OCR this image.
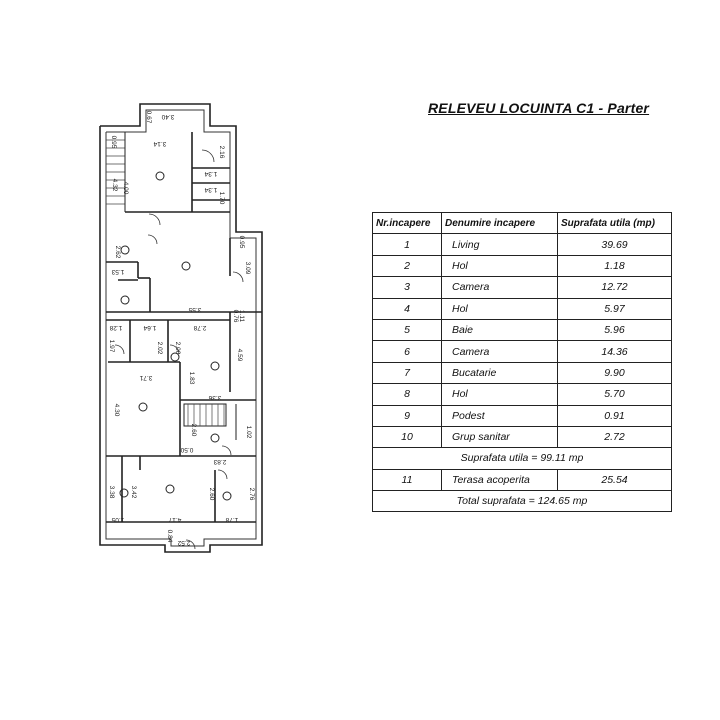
RELEVEU LOCUINTA C1 - Parter
3.40
0.67
0.95	3.14
2.16
1.34
1.34
1.70
4.32 4.00
2.62
0.95
3.09
1.53
3.55
1.28	1.64	2.78
0.76 1.11
1.97	2.02 2.00
4.59
1.83
3.71
4.30
3.36
2.60	1.02
0.50
2.83
3.38 3.42	2.60	2.76
1.05	4.17	1.78
0.84
2.52
Nr.incapere	Denumire incapere	Suprafata utila (mp)
1	Living	39.69
2	Hol	1.18
3	Camera	12.72
4	Hol	5.97
5	Baie	5.96
6	Camera	14.36
7	Bucatarie	9.90
8	Hol	5.70
9	Podest	0.91
10	Grup sanitar	2.72
Suprafata utila = 99.11 mp		
11	Terasa acoperita	25.54
Total suprafata = 124.65 mp		
